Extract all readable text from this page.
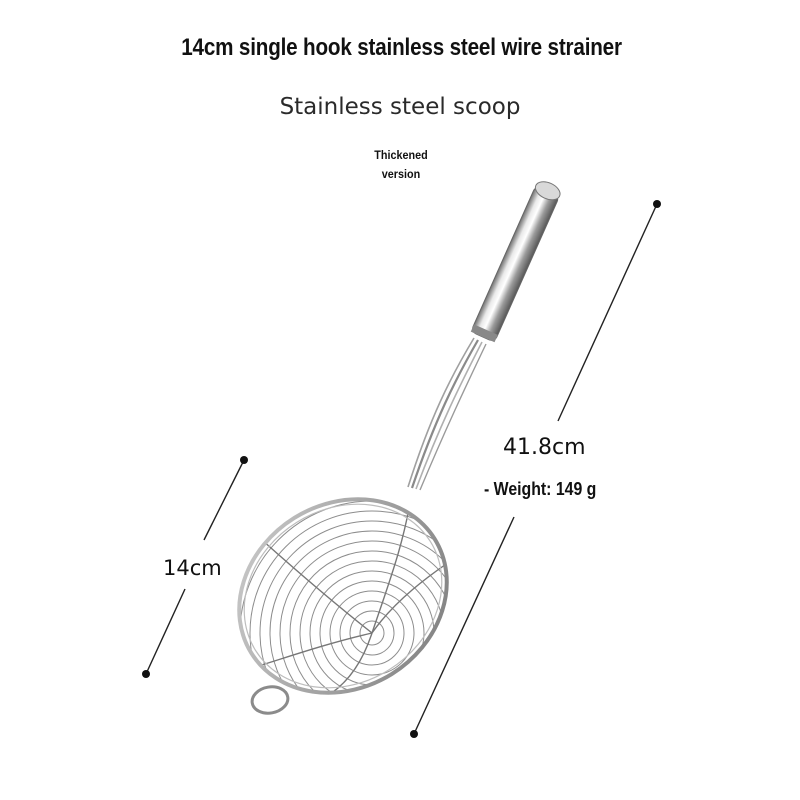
14cm single hook stainless steel wire strainer
Stainless steel scoop
Thickened
version
41.8cm
- Weight: 149 g
14cm
